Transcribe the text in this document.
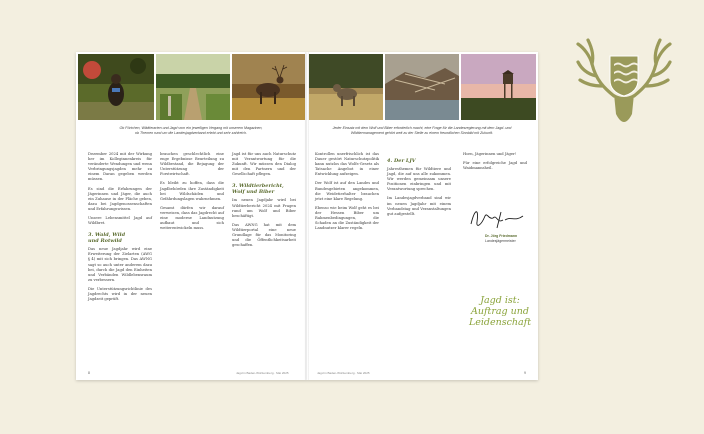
Ob Förtchen, Wildtierarten und Jagd vom ein jeweiligen Vergang mit unserem Magazinen,
ob Themen rund um die Landesjagdverband erlebt und sehr zahlreich.

Dezember 2024 mit der Wirkung her im Kolleginnenkreis für veränderte Wendungen und wenn Verbringungsjagden mehr zu einem Daran gegeben werden müssen.

Es sind die Erfahrungen der Jägerinnen und Jäger, die auch ein Zuhause in der Fläche geben, dazu bei Jagdgenossenschaften und Erfahrungswissen.

Unsere Lebensmittel Jagd auf Wildbret.

3. Wald, Wild
und Rotwild

Das neue Jagdjahr wird eine Erweiterung der Zielarten (AWG § 4) mit sich bringen. Das AWNG sagt so auch unter anderem dazu bei, durch die Jagd den Einheiten und Verbänden Wildlebensraum zu verbessern.

Die Unterstützungsrichtlinie des Jagdrechts wird in der neuen Jagdzeit geprüft.

brauchen geschlechtlich eine enge Ergebnisse Beurteilung zu Wildbestand, die Bejagung der Unterstützung der Forstwirtschaft.

Es bleibt zu hoffen, dass die Jagdbehörden ihre Zuständigkeit bei Wildschäden und Gefährdungslagen wahrnehmen.

Gesamt dürfen wir darauf verweisen, dass das Jagdrecht auf eine moderne Landnutzung aufbaut und sich weiterentwickeln muss.

Jagd ist für uns auch Naturschutz mit Verantwortung für die Zukunft. Wir müssen den Dialog mit den Partnern und der Gesellschaft pflegen.

3. Wildtierbericht,
Wolf und Biber

Im neuen Jagdjahr wird bei Wildtierbericht 2024 mit Fragen rund um Wolf und Biber beschäftigt.

Das AWNG hat mit dem Wildtierportal eine neue Grundlage für das Monitoring und die Öffentlichkeitsarbeit geschaffen.

8	Jagd in Baden-Württemberg · Mai 2025
Jeder Einsatz mit dem Wolf und Biber erforderlich macht, eine Frage für die Landesregierung mit dem Jagd- und
Wildtiermanagement gehört weit zu der Stelle zu einem freundlichen Sinnbild mit Zukunft.

Kontrollen unerfrischlich ist das Dauer gestört Naturschutzpolitik kann nutzlos das Wolfs-Gesetz als Tatsache Angebot in einer Entwicklung aufzeigen.

Der Wolf ist auf den Landes und Bundesgebieten angekommen, die Weidetierhalter brauchen jetzt eine klare Regelung.

Ebenso wie beim Wolf geht es bei der Hessen Biber um Rahmenbedingungen, die Schaden an die Zuständigkeit der Landnutzer klarer regeln.

4. Der LJV

Jahresthemen für Wildtiere und Jagd, die auf uns alle zukommen. Wir werden gemeinsam unsere Positionen einbringen und mit Verantwortung sprechen.

Im Landesjagdverband sind wir im neuen Jagdjahr mit einem Verbandstag und Veranstaltungen gut aufgestellt.

Horn, Jägerinnen und Jäger!

Für eine erfolgreiche Jagd und Waidmannsheil.

Dr. Jörg Friedmann
Landesjägermeister
Jagd ist:
Auftrag und
Leidenschaft
Jagd in Baden-Württemberg · Mai 2025	9
